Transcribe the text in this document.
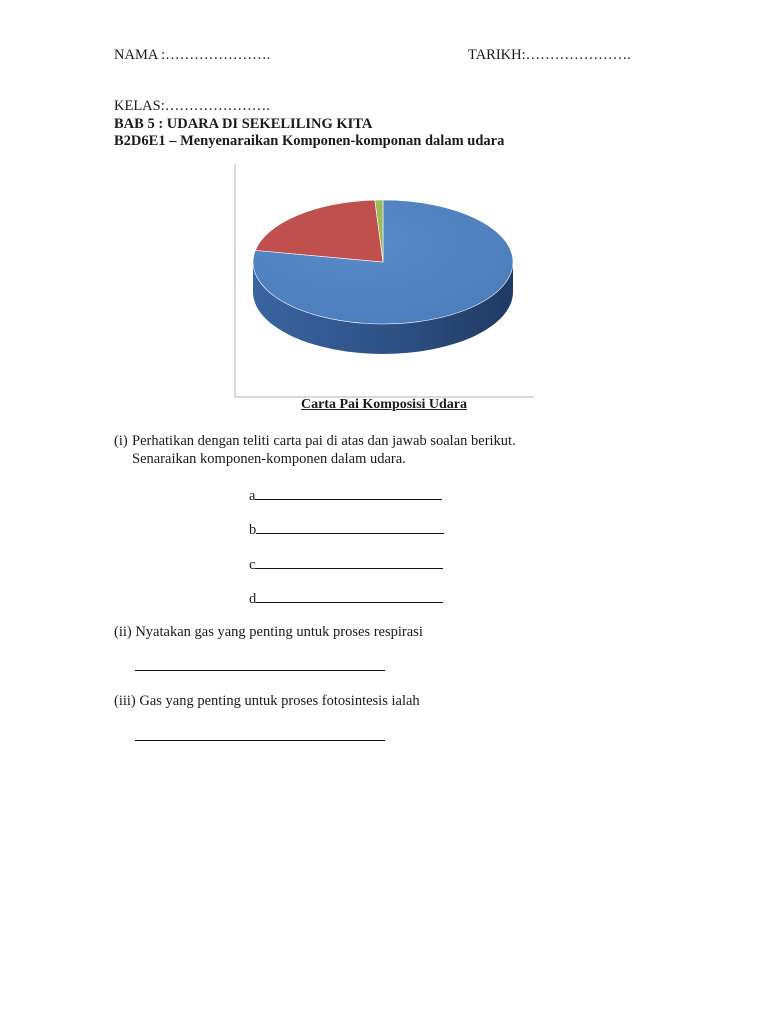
NAMA :………………….	TARIKH:………………….
KELAS:………………….
BAB 5 : UDARA DI SEKELILING KITA
B2D6E1 – Menyenaraikan Komponen-komponan dalam udara
Carta Pai Komposisi Udara
(i) Perhatikan dengan teliti carta pai di atas dan jawab soalan berikut.
Senaraikan komponen-komponen dalam udara.
a
b
c
d
(ii) Nyatakan gas yang penting untuk proses respirasi
(iii) Gas yang penting untuk proses fotosintesis ialah
